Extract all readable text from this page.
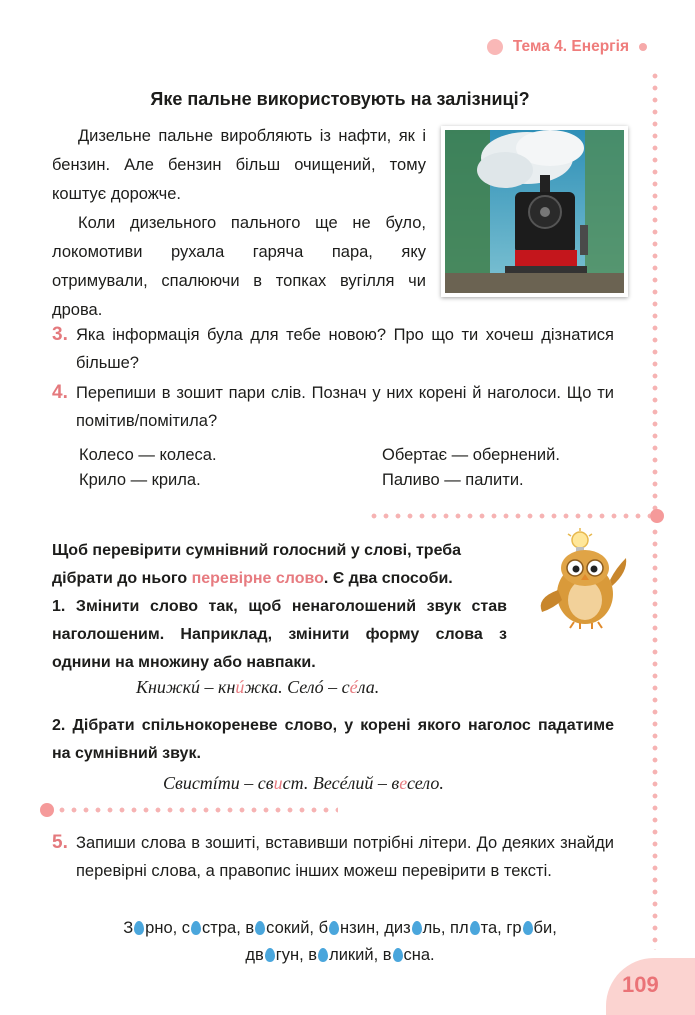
Тема 4. Енергія
Яке пальне використовують на залізниці?
Дизельне пальне виробляють із нафти, як і бензин. Але бензин більш очищений, тому коштує дорожче.
Коли дизельного пального ще не було, локомотиви рухала гаряча пара, яку отримували, спалюючи в топках вугілля чи дрова.
3. Яка інформація була для тебе новою? Про що ти хочеш дізнатися більше?
4. Перепиши в зошит пари слів. Познач у них корені й наголоси. Що ти помітив/помітила?
Колесо — колеса.	Обертає — обернений.
Крило — крила.	Паливо — палити.
Щоб перевірити сумнівний голосний у слові, треба дібрати до нього перевірне слово. Є два способи.
1. Змінити слово так, щоб ненаголошений звук став наголошеним. Наприклад, змінити форму слова з однини на множину або навпаки.
Книжкú – кнúжка. Селó – сéла.
2. Дібрати спільнокореневе слово, у корені якого наголос падатиме на сумнівний звук.
Свистíти – свист. Весéлий – весело.
5. Запиши слова в зошиті, вставивши потрібні літери. До деяких знайди перевірні слова, а правопис інших можеш перевірити в тексті.
З рно, с стра, в сокий, б нзин, диз ль, пл та, гр би,
дв гун, в ликий, в сна.
109
